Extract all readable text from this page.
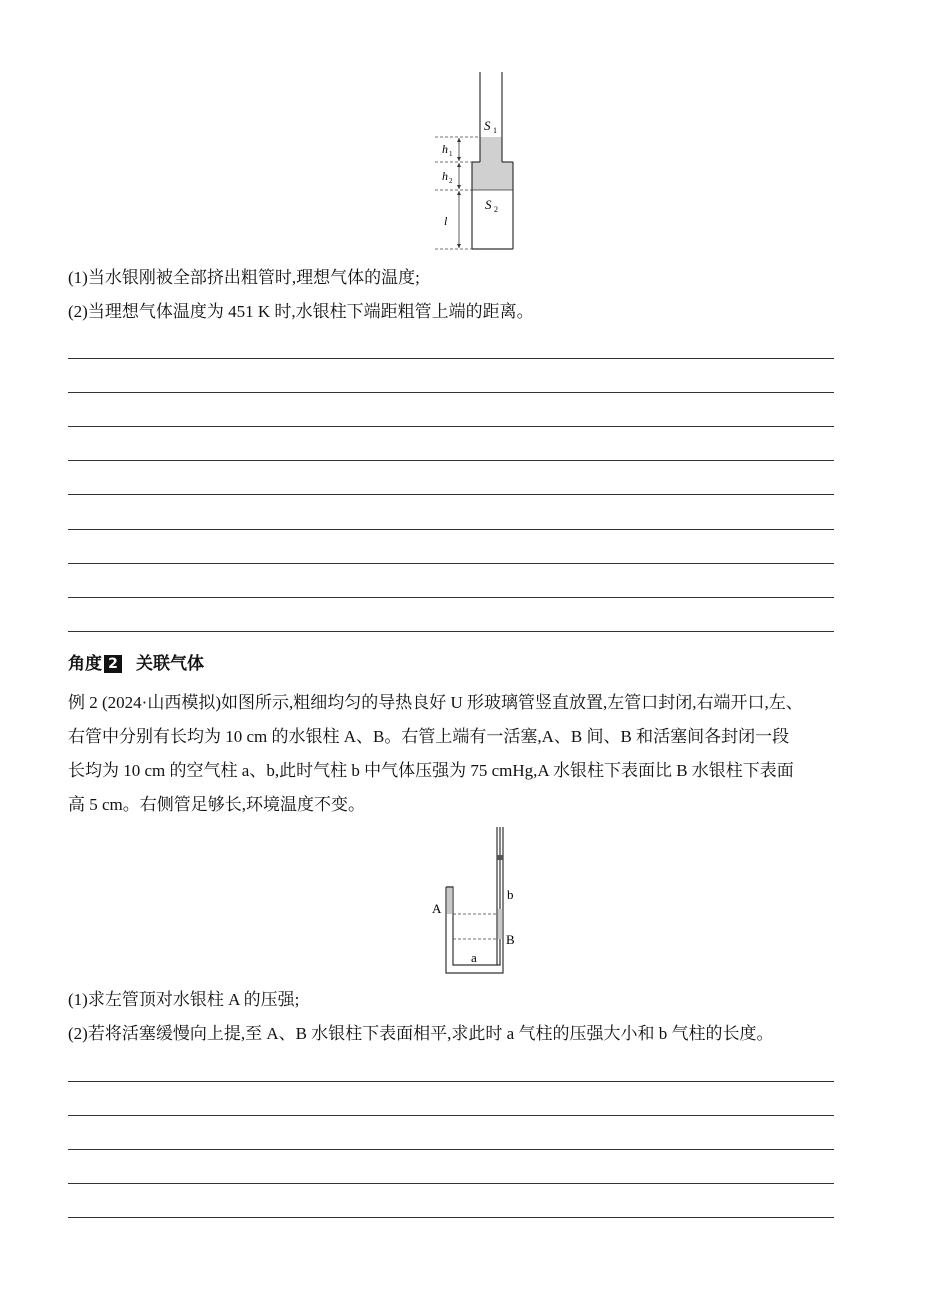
S 1
S 2
h 1
h 2
l
(1)当水银刚被全部挤出粗管时,理想气体的温度;
(2)当理想气体温度为 451 K 时,水银柱下端距粗管上端的距离。
角度 2 关联气体
例 2 (2024·山西模拟)如图所示,粗细均匀的导热良好 U 形玻璃管竖直放置,左管口封闭,右端开口,左、
右管中分别有长均为 10 cm 的水银柱 A、B。右管上端有一活塞,A、B 间、B 和活塞间各封闭一段
长均为 10 cm 的空气柱 a、b,此时气柱 b 中气体压强为 75 cmHg,A 水银柱下表面比 B 水银柱下表面
高 5 cm。右侧管足够长,环境温度不变。
A
B
a
b
(1)求左管顶对水银柱 A 的压强;
(2)若将活塞缓慢向上提,至 A、B 水银柱下表面相平,求此时 a 气柱的压强大小和 b 气柱的长度。
